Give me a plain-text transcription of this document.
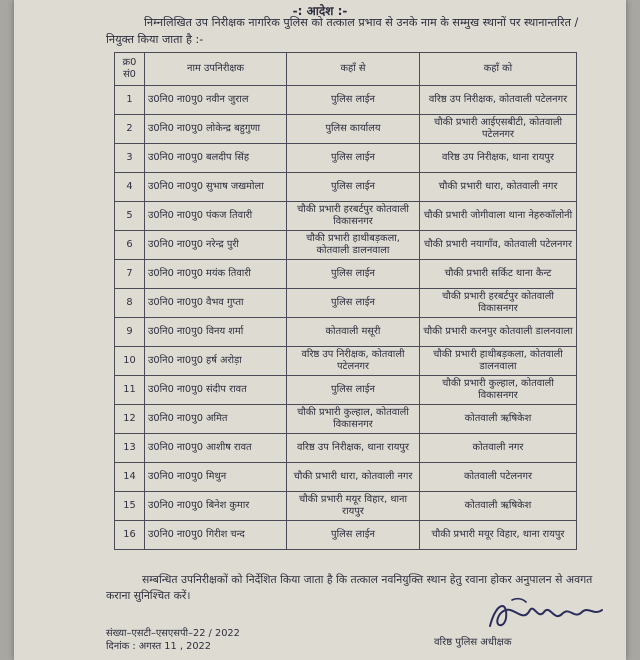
-: आदेश :-
निम्नलिखित उप निरीक्षक नागरिक पुलिस को तत्काल प्रभाव से उनके नाम के सम्मुख स्थानों पर स्थानान्तरित / नियुक्त किया जाता है :-
क्र0 सं0	नाम उपनिरीक्षक	कहाँ से	कहाँ को
1	उ0नि0 ना0पु0 नवीन जुराल	पुलिस लाईन	वरिष्ठ उप निरीक्षक, कोतवाली पटेलनगर
2	उ0नि0 ना0पु0 लोकेन्द्र बहुगुणा	पुलिस कार्यालय	चौकी प्रभारी आईएसबीटी, कोतवाली पटेलनगर
3	उ0नि0 ना0पु0 बलदीप सिंह	पुलिस लाईन	वरिष्ठ उप निरीक्षक, थाना रायपुर
4	उ0नि0 ना0पु0 सुभाष जखमोला	पुलिस लाईन	चौकी प्रभारी धारा, कोतवाली नगर
5	उ0नि0 ना0पु0 पंकज तिवारी	चौकी प्रभारी हरबर्टपुर कोतवाली विकासनगर	चौकी प्रभारी जोगीवाला थाना नेहरुकॉलोनी
6	उ0नि0 ना0पु0 नरेन्द्र पुरी	चौकी प्रभारी हाथीबड़कला, कोतवाली डालनवाला	चौकी प्रभारी नयागाँव, कोतवाली पटेलनगर
7	उ0नि0 ना0पु0 मयंक तिवारी	पुलिस लाईन	चौकी प्रभारी सर्किट थाना कैन्ट
8	उ0नि0 ना0पु0 वैभव गुप्ता	पुलिस लाईन	चौकी प्रभारी हरबर्टपुर कोतवाली विकासनगर
9	उ0नि0 ना0पु0 विनय शर्मा	कोतवाली मसूरी	चौकी प्रभारी करनपुर कोतवाली डालनवाला
10	उ0नि0 ना0पु0 हर्ष अरोड़ा	वरिष्ठ उप निरीक्षक, कोतवाली पटेलनगर	चौकी प्रभारी हाथीबड़कला, कोतवाली डालनवाला
11	उ0नि0 ना0पु0 संदीप रावत	पुलिस लाईन	चौकी प्रभारी कुल्हाल, कोतवाली विकासनगर
12	उ0नि0 ना0पु0 अमित	चौकी प्रभारी कुल्हाल, कोतवाली विकासनगर	कोतवाली ऋषिकेश
13	उ0नि0 ना0पु0 आशीष रावत	वरिष्ठ उप निरीक्षक, थाना रायपुर	कोतवाली नगर
14	उ0नि0 ना0पु0 मिथुन	चौकी प्रभारी धारा, कोतवाली नगर	कोतवाली पटेलनगर
15	उ0नि0 ना0पु0 बिनेश कुमार	चौकी प्रभारी मयूर विहार, थाना रायपुर	कोतवाली ऋषिकेश
16	उ0नि0 ना0पु0 गिरीश चन्द	पुलिस लाईन	चौकी प्रभारी मयूर विहार, थाना रायपुर
सम्बन्धित उपनिरीक्षकों को निर्देशित किया जाता है कि तत्काल नवनियुक्ति स्थान हेतु रवाना होकर अनुपालन से अवगत कराना सुनिश्चित करें।
संख्या–एसटी–एसएसपी–22 / 2022
दिनांक : अगस्त 11 , 2022	वरिष्ठ पुलिस अधीक्षक
